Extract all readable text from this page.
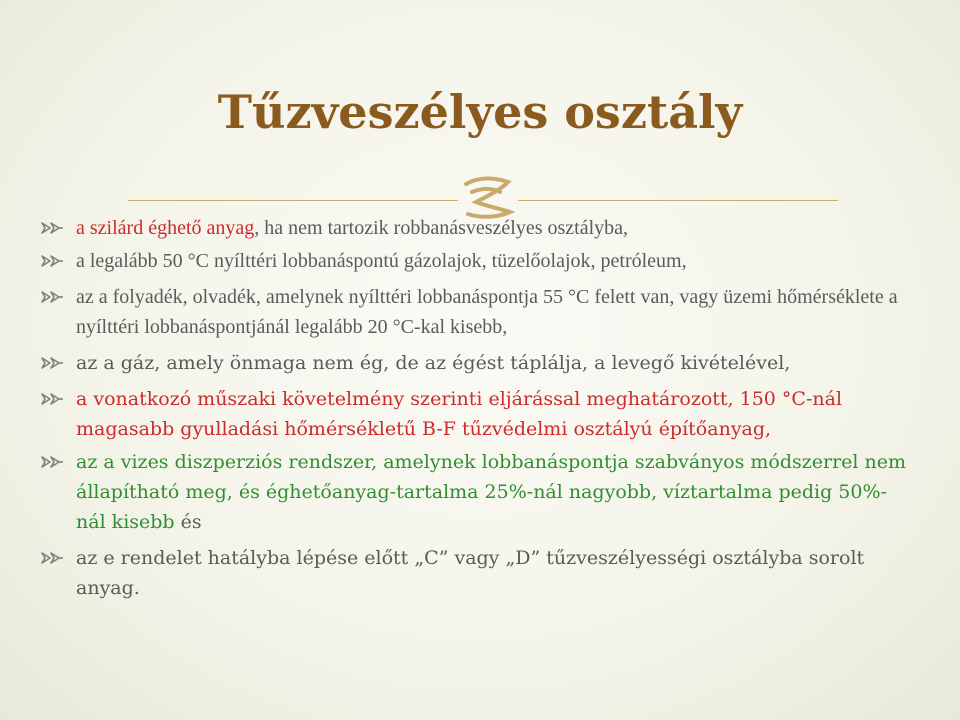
Tűzveszélyes osztály
a szilárd éghető anyag, ha nem tartozik robbanásveszélyes osztályba,
a legalább 50 °C nyílttéri lobbanáspontú gázolajok, tüzelőolajok, petróleum,
az a folyadék, olvadék, amelynek nyílttéri lobbanáspontja 55 °C felett van, vagy üzemi hőmérséklete a nyílttéri lobbanáspontjánál legalább 20 °C-kal kisebb,
az a gáz, amely önmaga nem ég, de az égést táplálja, a levegő kivételével,
a vonatkozó műszaki követelmény szerinti eljárással meghatározott, 150 °C-nál magasabb gyulladási hőmérsékletű B-F tűzvédelmi osztályú építőanyag,
az a vizes diszperziós rendszer, amelynek lobbanáspontja szabványos módszerrel nem állapítható meg, és éghetőanyag-tartalma 25%-nál nagyobb, víztartalma pedig 50%-nál kisebb és
az e rendelet hatályba lépése előtt „C” vagy „D” tűzveszélyességi osztályba sorolt anyag.
